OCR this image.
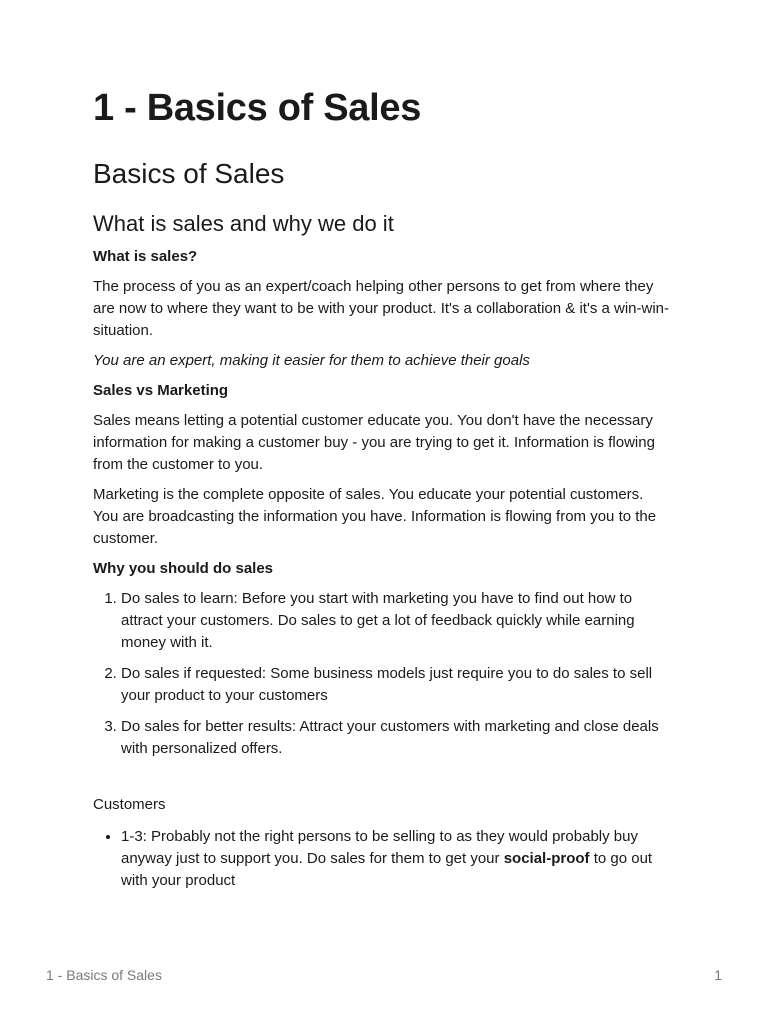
1 - Basics of Sales
Basics of Sales
What is sales and why we do it

What is sales?

The process of you as an expert/coach helping other persons to get from where they are now to where they want to be with your product. It's a collaboration & it's a win-win-situation.

You are an expert, making it easier for them to achieve their goals

Sales vs Marketing

Sales means letting a potential customer educate you. You don't have the necessary information for making a customer buy - you are trying to get it. Information is flowing from the customer to you.

Marketing is the complete opposite of sales. You educate your potential customers. You are broadcasting the information you have. Information is flowing from you to the customer.

Why you should do sales

1. Do sales to learn: Before you start with marketing you have to find out how to attract your customers. Do sales to get a lot of feedback quickly while earning money with it.
2. Do sales if requested: Some business models just require you to do sales to sell your product to your customers
3. Do sales for better results: Attract your customers with marketing and close deals with personalized offers.

Customers

• 1-3: Probably not the right persons to be selling to as they would probably buy anyway just to support you. Do sales for them to get your social-proof to go out with your product
1 - Basics of Sales	1
